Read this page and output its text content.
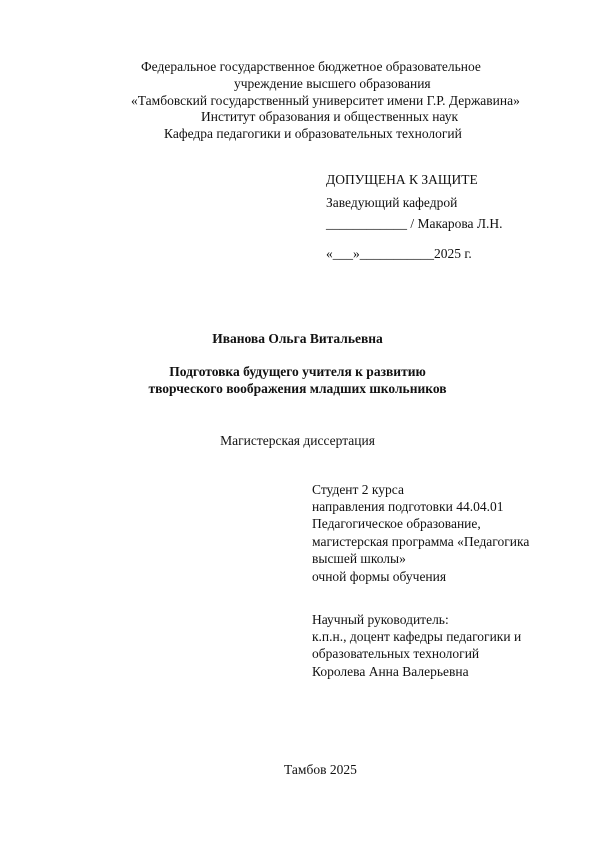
Федеральное государственное бюджетное образовательное
учреждение высшего образования
«Тамбовский государственный университет имени Г.Р. Державина»
Институт образования и общественных наук
Кафедра педагогики и образовательных технологий
ДОПУЩЕНА К ЗАЩИТЕ
Заведующий кафедрой
____________ / Макарова Л.Н.
«___»___________2025 г.
Иванова Ольга Витальевна
Подготовка будущего учителя к развитию
творческого воображения младших школьников
Магистерская диссертация
Студент 2 курса
направления подготовки 44.04.01
Педагогическое образование,
магистерская программа «Педагогика
высшей школы»
очной формы обучения
Научный руководитель:
к.п.н., доцент кафедры педагогики и
образовательных технологий
Королева Анна Валерьевна
Тамбов 2025
